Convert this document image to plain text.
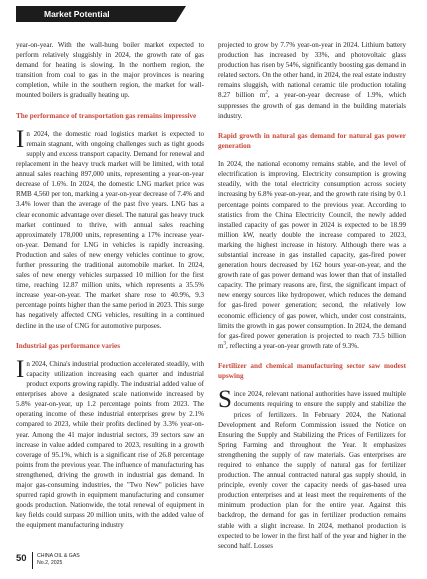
Market Potential

year-on-year. With the wall-hung boiler market expected to perform relatively sluggishly in 2024, the growth rate of gas demand for heating is slowing. In the northern region, the transition from coal to gas in the major provinces is nearing completion, while in the southern region, the market for wall-mounted boilers is gradually heating up.

The performance of transportation gas remains impressive

In 2024, the domestic road logistics market is expected to remain stagnant, with ongoing challenges such as tight goods supply and excess transport capacity. Demand for renewal and replacement in the heavy truck market will be limited, with total annual sales reaching 897,000 units, representing a year-on-year decrease of 1.6%. In 2024, the domestic LNG market price was RMB 4,560 per ton, marking a year-on-year decrease of 7.4% and 3.4% lower than the average of the past five years. LNG has a clear economic advantage over diesel. The natural gas heavy truck market continued to thrive, with annual sales reaching approximately 178,000 units, representing a 17% increase year-on-year. Demand for LNG in vehicles is rapidly increasing. Production and sales of new energy vehicles continue to grow, further pressuring the traditional automobile market. In 2024, sales of new energy vehicles surpassed 10 million for the first time, reaching 12.87 million units, which represents a 35.5% increase year-on-year. The market share rose to 40.9%, 9.3 percentage points higher than the same period in 2023. This surge has negatively affected CNG vehicles, resulting in a continued decline in the use of CNG for automotive purposes.

Industrial gas performance varies

In 2024, China's industrial production accelerated steadily, with capacity utilization increasing each quarter and industrial product exports growing rapidly. The industrial added value of enterprises above a designated scale nationwide increased by 5.8% year-on-year, up 1.2 percentage points from 2023. The operating income of these industrial enterprises grew by 2.1% compared to 2023, while their profits declined by 3.3% year-on-year. Among the 41 major industrial sectors, 39 sectors saw an increase in value added compared to 2023, resulting in a growth coverage of 95.1%, which is a significant rise of 26.8 percentage points from the previous year. The influence of manufacturing has strengthened, driving the growth in industrial gas demand. In major gas-consuming industries, the "Two New" policies have spurred rapid growth in equipment manufacturing and consumer goods production. Nationwide, the total renewal of equipment in key fields could surpass 20 million units, with the added value of the equipment manufacturing industry

projected to grow by 7.7% year-on-year in 2024. Lithium battery production has increased by 33%, and photovoltaic glass production has risen by 54%, significantly boosting gas demand in related sectors. On the other hand, in 2024, the real estate industry remains sluggish, with national ceramic tile production totaling 8.27 billion $m^2$, a year-on-year decrease of 1.9%, which suppresses the growth of gas demand in the building materials industry.

Rapid growth in natural gas demand for natural gas power generation

In 2024, the national economy remains stable, and the level of electrification is improving. Electricity consumption is growing steadily, with the total electricity consumption across society increasing by 6.8% year-on-year, and the growth rate rising by 0.1 percentage points compared to the previous year. According to statistics from the China Electricity Council, the newly added installed capacity of gas power in 2024 is expected to be 18.99 million kW, nearly double the increase compared to 2023, marking the highest increase in history. Although there was a substantial increase in gas installed capacity, gas-fired power generation hours decreased by 162 hours year-on-year, and the growth rate of gas power demand was lower than that of installed capacity. The primary reasons are, first, the significant impact of new energy sources like hydropower, which reduces the demand for gas-fired power generation; second, the relatively low economic efficiency of gas power, which, under cost constraints, limits the growth in gas power consumption. In 2024, the demand for gas-fired power generation is projected to reach 73.5 billion $m^3$, reflecting a year-on-year growth rate of 9.3%.

Fertilizer and chemical manufacturing sector saw modest upswing

Since 2024, relevant national authorities have issued multiple documents requiring to ensure the supply and stabilize the prices of fertilizers. In February 2024, the National Development and Reform Commission issued the Notice on Ensuring the Supply and Stabilizing the Prices of Fertilizers for Spring Farming and throughout the Year. It emphasizes strengthening the supply of raw materials. Gas enterprises are required to enhance the supply of natural gas for fertilizer production. The annual contracted natural gas supply should, in principle, evenly cover the capacity needs of gas-based urea production enterprises and at least meet the requirements of the minimum production plan for the entire year. Against this backdrop, the demand for gas in fertilizer production remains stable with a slight increase. In 2024, methanol production is expected to be lower in the first half of the year and higher in the second half. Losses

50 CHINA OIL & GAS
No.2, 2025
